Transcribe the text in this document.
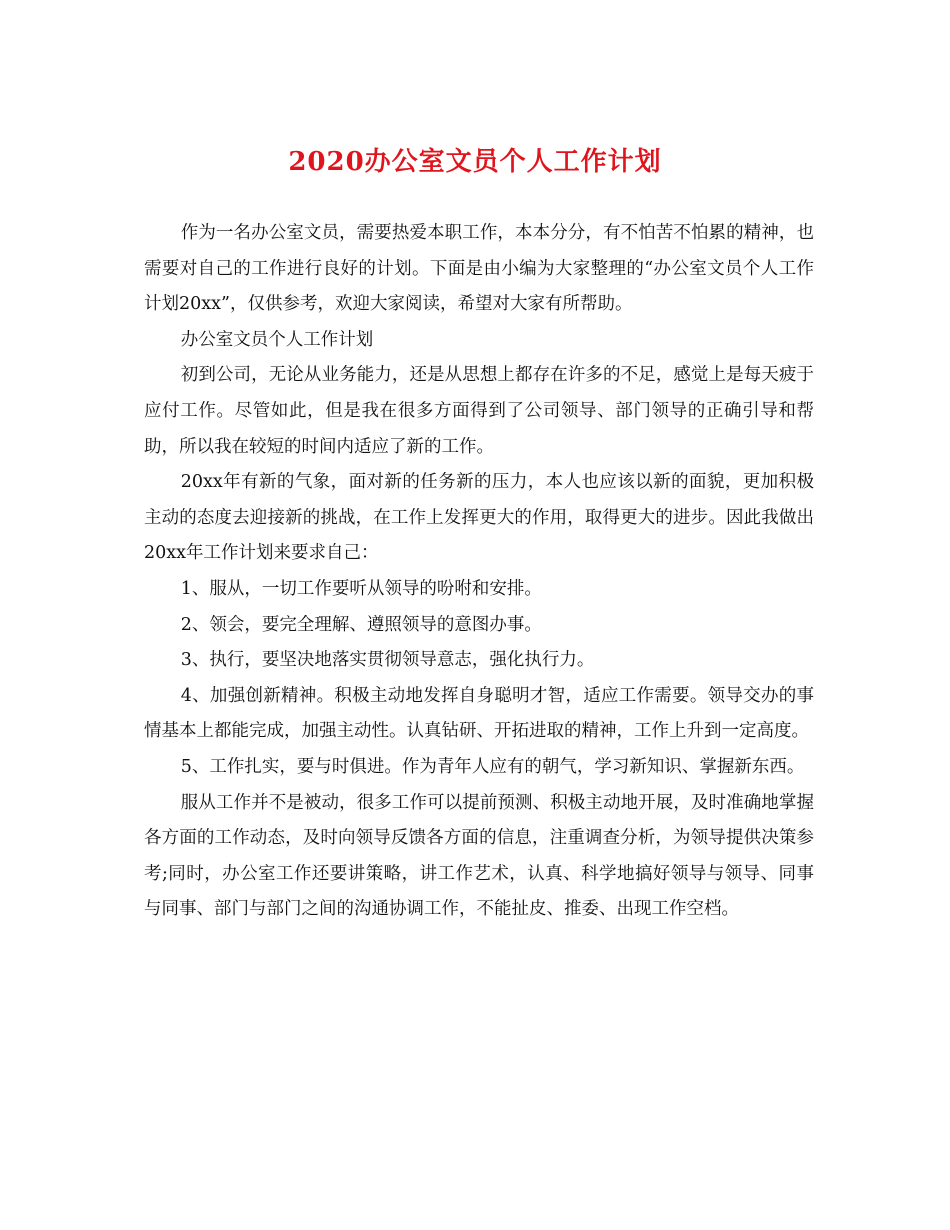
2020办公室文员个人工作计划

作为一名办公室文员，需要热爱本职工作，本本分分，有不怕苦不怕累的精神，也需要对自己的工作进行良好的计划。下面是由小编为大家整理的“办公室文员个人工作计划20xx”，仅供参考，欢迎大家阅读，希望对大家有所帮助。

办公室文员个人工作计划

初到公司，无论从业务能力，还是从思想上都存在许多的不足，感觉上是每天疲于应付工作。尽管如此，但是我在很多方面得到了公司领导、部门领导的正确引导和帮助，所以我在较短的时间内适应了新的工作。

20xx年有新的气象，面对新的任务新的压力，本人也应该以新的面貌，更加积极主动的态度去迎接新的挑战，在工作上发挥更大的作用，取得更大的进步。因此我做出20xx年工作计划来要求自己：

1、服从，一切工作要听从领导的吩咐和安排。

2、领会，要完全理解、遵照领导的意图办事。

3、执行，要坚决地落实贯彻领导意志，强化执行力。

4、加强创新精神。积极主动地发挥自身聪明才智，适应工作需要。领导交办的事情基本上都能完成，加强主动性。认真钻研、开拓进取的精神，工作上升到一定高度。

5、工作扎实，要与时俱进。作为青年人应有的朝气，学习新知识、掌握新东西。

服从工作并不是被动，很多工作可以提前预测、积极主动地开展，及时准确地掌握各方面的工作动态，及时向领导反馈各方面的信息，注重调查分析，为领导提供决策参考;同时，办公室工作还要讲策略，讲工作艺术，认真、科学地搞好领导与领导、同事与同事、部门与部门之间的沟通协调工作，不能扯皮、推委、出现工作空档。
